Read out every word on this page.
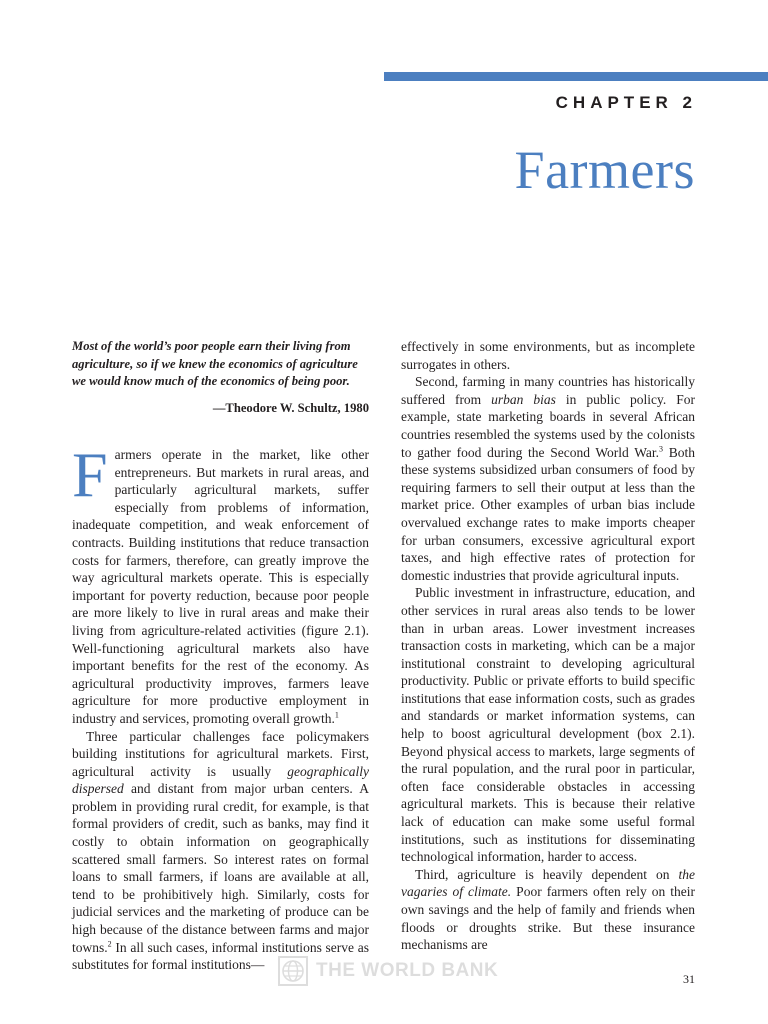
CHAPTER 2
Farmers
Most of the world’s poor people earn their living from agriculture, so if we knew the economics of agriculture we would know much of the economics of being poor.
—Theodore W. Schultz, 1980

Farmers operate in the market, like other entrepreneurs. But markets in rural areas, and particularly agricultural markets, suffer especially from problems of information, inadequate competition, and weak enforcement of contracts. Building institutions that reduce transaction costs for farmers, therefore, can greatly improve the way agricultural markets operate. This is especially important for poverty reduction, because poor people are more likely to live in rural areas and make their living from agriculture-related activities (figure 2.1). Well-functioning agricultural markets also have important benefits for the rest of the economy. As agricultural productivity improves, farmers leave agriculture for more productive employment in industry and services, promoting overall growth.$^1$

Three particular challenges face policymakers building institutions for agricultural markets. First, agricultural activity is usually geographically dispersed and distant from major urban centers. A problem in providing rural credit, for example, is that formal providers of credit, such as banks, may find it costly to obtain information on geographically scattered small farmers. So interest rates on formal loans to small farmers, if loans are available at all, tend to be prohibitively high. Similarly, costs for judicial services and the marketing of produce can be high because of the distance between farms and major towns.$^2$ In all such cases, informal institutions serve as substitutes for formal institutions—

effectively in some environments, but as incomplete surrogates in others.

Second, farming in many countries has historically suffered from urban bias in public policy. For example, state marketing boards in several African countries resembled the systems used by the colonists to gather food during the Second World War.$^3$ Both these systems subsidized urban consumers of food by requiring farmers to sell their output at less than the market price. Other examples of urban bias include overvalued exchange rates to make imports cheaper for urban consumers, excessive agricultural export taxes, and high effective rates of protection for domestic industries that provide agricultural inputs.

Public investment in infrastructure, education, and other services in rural areas also tends to be lower than in urban areas. Lower investment increases transaction costs in marketing, which can be a major institutional constraint to developing agricultural productivity. Public or private efforts to build specific institutions that ease information costs, such as grades and standards or market information systems, can help to boost agricultural development (box 2.1). Beyond physical access to markets, large segments of the rural population, and the rural poor in particular, often face considerable obstacles in accessing agricultural markets. This is because their relative lack of education can make some useful formal institutions, such as institutions for disseminating technological information, harder to access.

Third, agriculture is heavily dependent on the vagaries of climate. Poor farmers often rely on their own savings and the help of family and friends when floods or droughts strike. But these insurance mechanisms are

THE WORLD BANK	31
